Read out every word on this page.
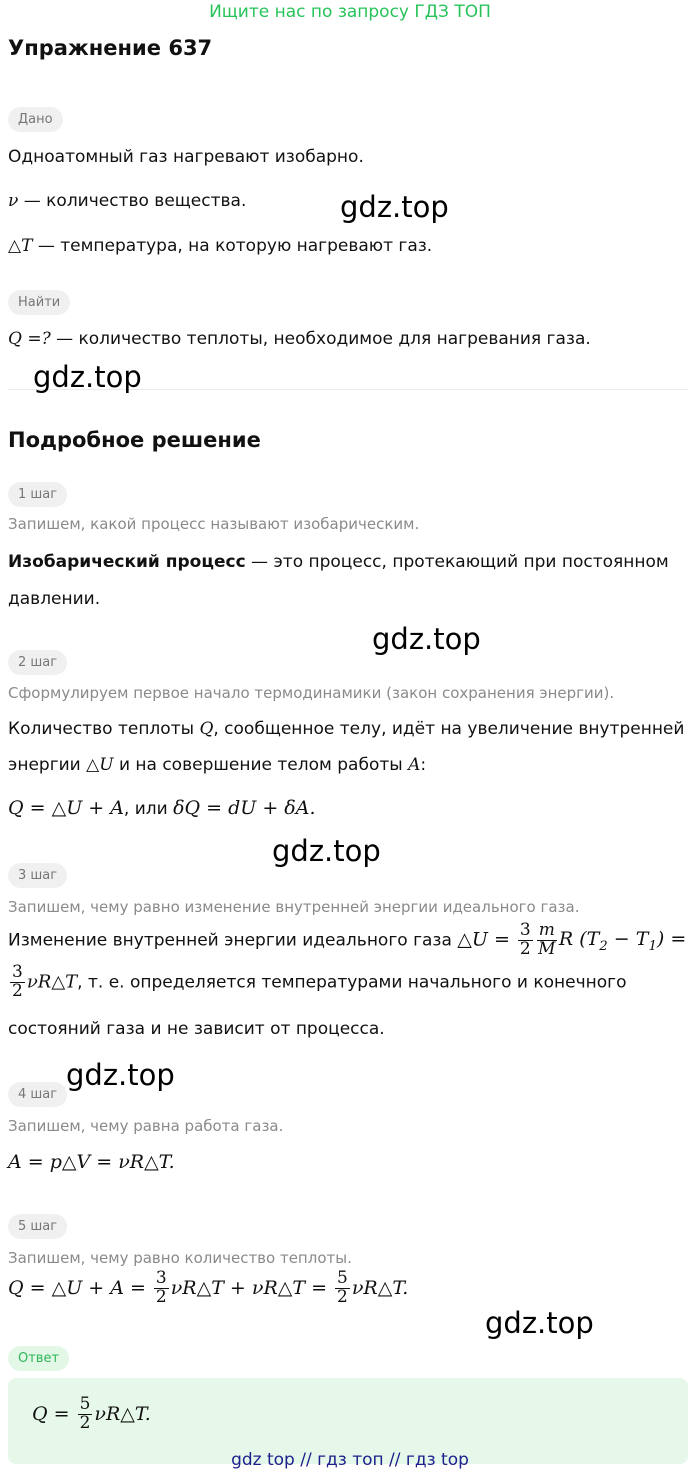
Ищите нас по запросу ГДЗ ТОП
Упражнение 637
Дано
Одноатомный газ нагревают изобарно.
ν — количество вещества.
△T — температура, на которую нагревают газ.
Найти
Q =? — количество теплоты, необходимое для нагревания газа.
Подробное решение
1 шаг
Запишем, какой процесс называют изобарическим.
Изобарический процесс — это процесс, протекающий при постоянном
давлении.
2 шаг
Сформулируем первое начало термодинамики (закон сохранения энергии).
Количество теплоты Q, сообщенное телу, идёт на увеличение внутренней
энергии △U и на совершение телом работы A:
Q = △U + A, или δQ = dU + δA.
3 шаг
Запишем, чему равно изменение внутренней энергии идеального газа.
Изменение внутренней энергии идеального газа △U = $\frac{3}{2} \frac{m}{M}$ R $(T_2 - T_1)$ =
$\frac{3}{2}$ νR△T, т. е. определяется температурами начального и конечного
состояний газа и не зависит от процесса.
4 шаг
Запишем, чему равна работа газа.
A = p△V = νR△T.
5 шаг
Запишем, чему равно количество теплоты.
Q = △U + $A = \frac{3}{2}$ νR△T + νR△T = $\frac{5}{2}$ νR△T.
Ответ
$Q = \frac{5}{2}$ νR△T.
gdz.top
gdz.top
gdz.top
gdz.top
gdz.top
gdz.top
gdz top // гдз топ // гдз top
